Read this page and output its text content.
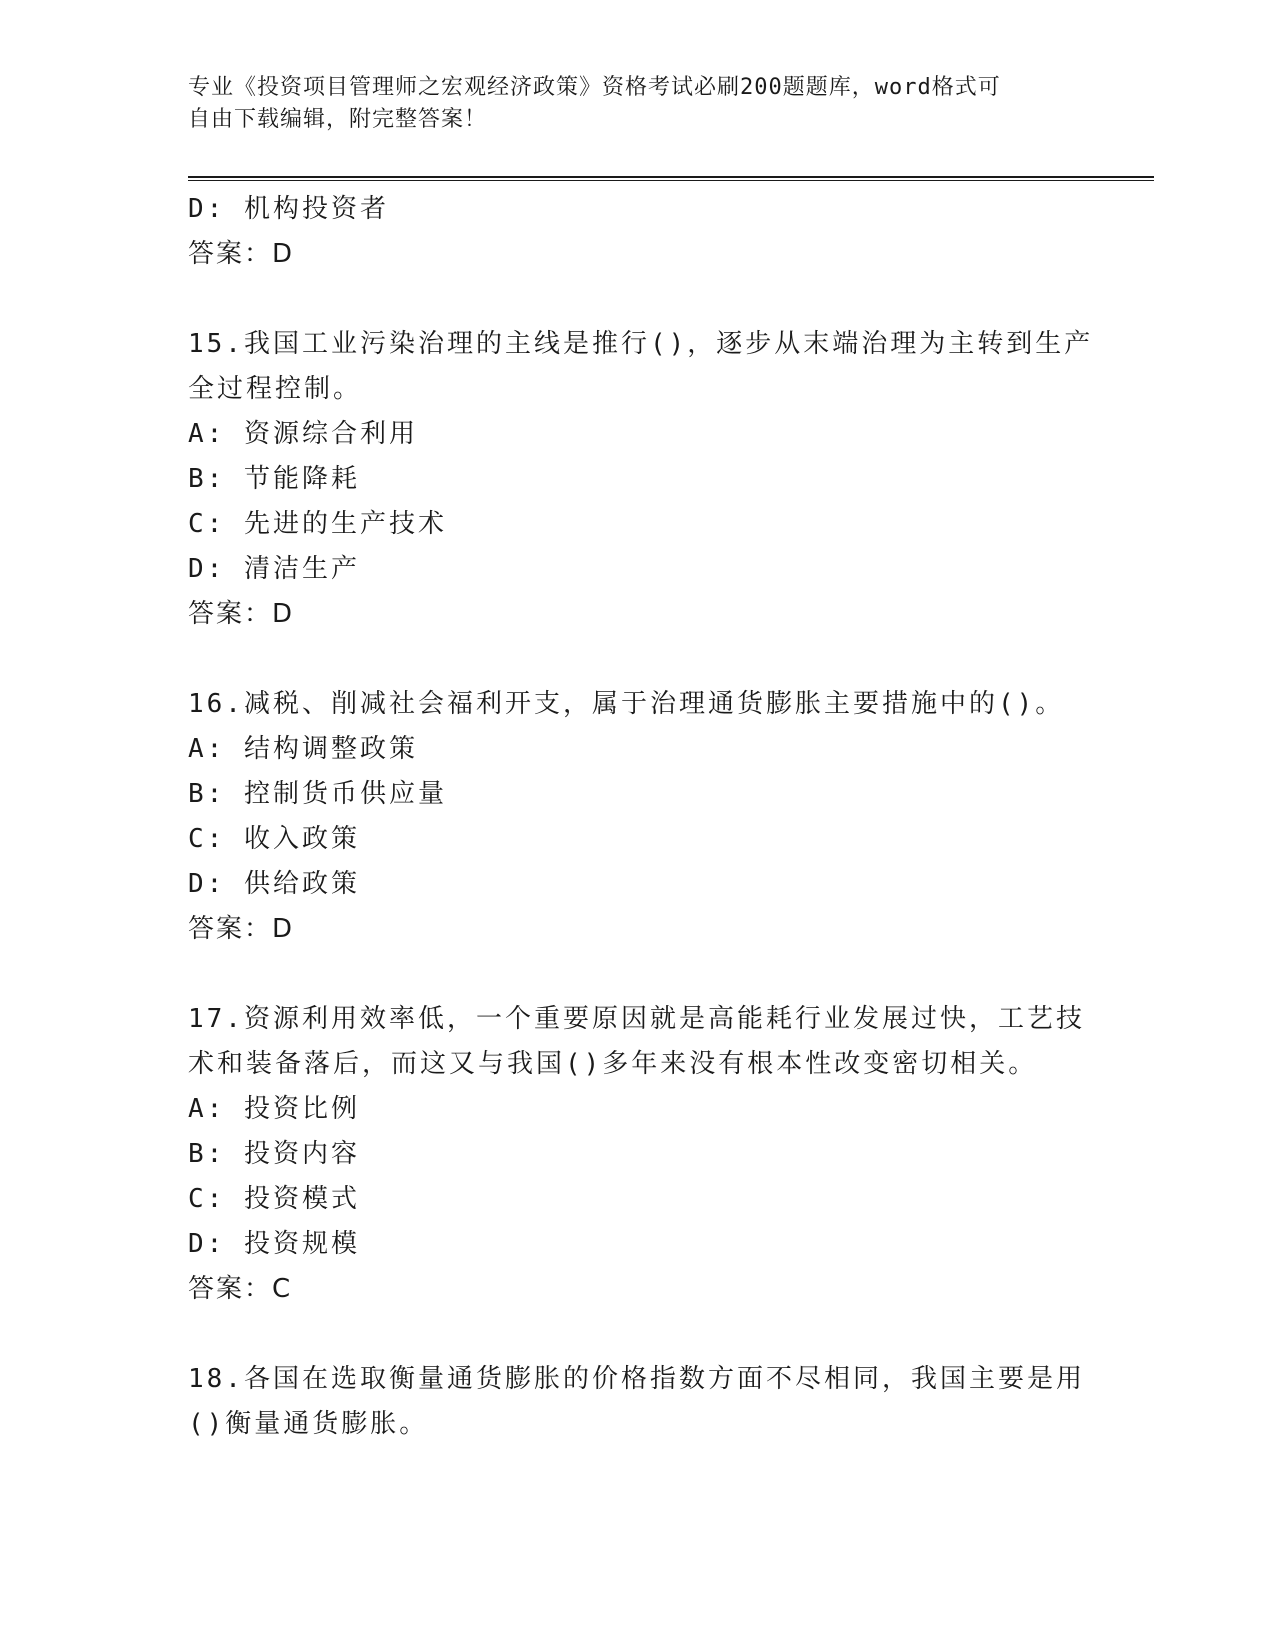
专业《投资项目管理师之宏观经济政策》资格考试必刷200题题库，word格式可
自由下载编辑，附完整答案！
D: 机构投资者
答案：D
15.我国工业污染治理的主线是推行()，逐步从末端治理为主转到生产
全过程控制。
A: 资源综合利用
B: 节能降耗
C: 先进的生产技术
D: 清洁生产
答案：D
16.减税、削减社会福利开支，属于治理通货膨胀主要措施中的()。
A: 结构调整政策
B: 控制货币供应量
C: 收入政策
D: 供给政策
答案：D
17.资源利用效率低，一个重要原因就是高能耗行业发展过快，工艺技
术和装备落后，而这又与我国()多年来没有根本性改变密切相关。
A: 投资比例
B: 投资内容
C: 投资模式
D: 投资规模
答案：C
18.各国在选取衡量通货膨胀的价格指数方面不尽相同，我国主要是用
()衡量通货膨胀。
